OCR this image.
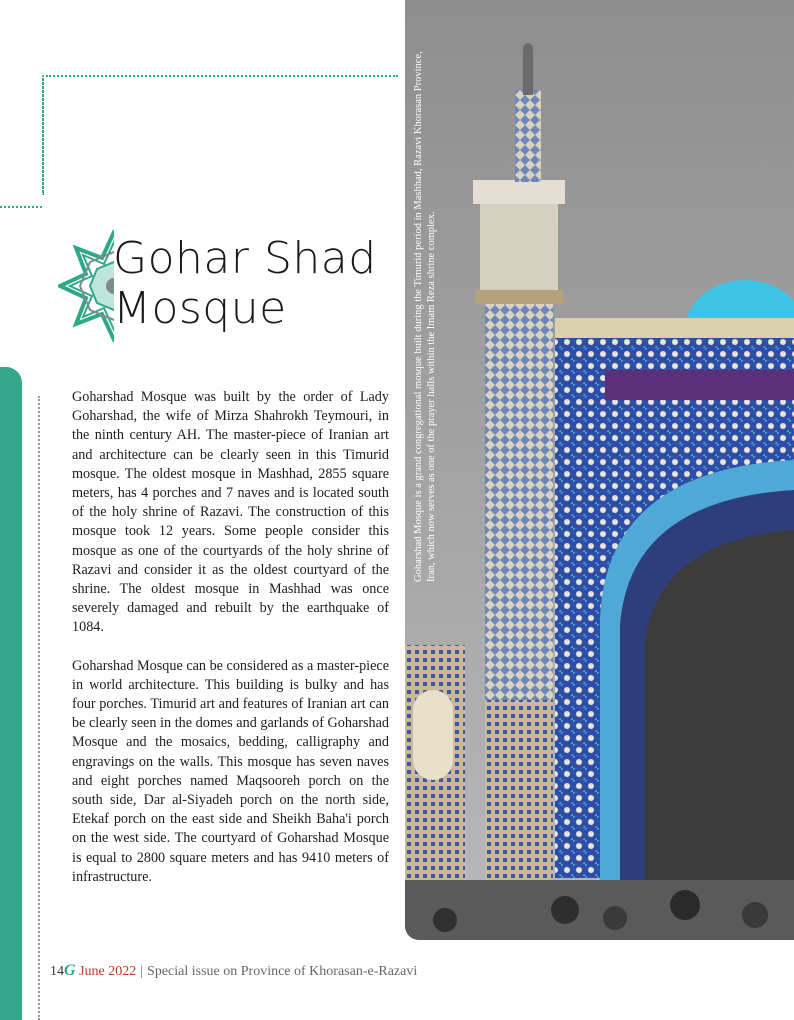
Gohar Shad
Mosque

Goharshad Mosque was built by the order of Lady Goharshad, the wife of Mirza Shahrokh Teymouri, in the ninth century AH. The master-piece of Iranian art and architecture can be clearly seen in this Timurid mosque. The oldest mosque in Mashhad, 2855 square meters, has 4 porches and 7 naves and is located south of the holy shrine of Razavi. The construction of this mosque took 12 years. Some people consider this mosque as one of the courtyards of the holy shrine of Razavi and consider it as the oldest courtyard of the shrine. The oldest mosque in Mashhad was once severely damaged and rebuilt by the earthquake of 1084.

Goharshad Mosque can be considered as a master-piece in world architecture. This building is bulky and has four porches. Timurid art and features of Iranian art can be clearly seen in the domes and garlands of Goharshad Mosque and the mosaics, bedding, calligraphy and engravings on the walls. This mosque has seven naves and eight porches named Maqsooreh porch on the south side, Dar al-Siyadeh porch on the north side, Etekaf porch on the east side and Sheikh Baha'i porch on the west side. The courtyard of Goharshad Mosque is equal to 2800 square meters and has 9410 meters of infrastructure.

Goharshad Mosque is a grand congregational mosque built during the Timurid period in Mashhad, Razavi Khorasan Province, Iran, which now serves as one of the prayer halls within the Imam Reza shrine complex.
14G June 2022 | Special issue on Province of Khorasan-e-Razavi
